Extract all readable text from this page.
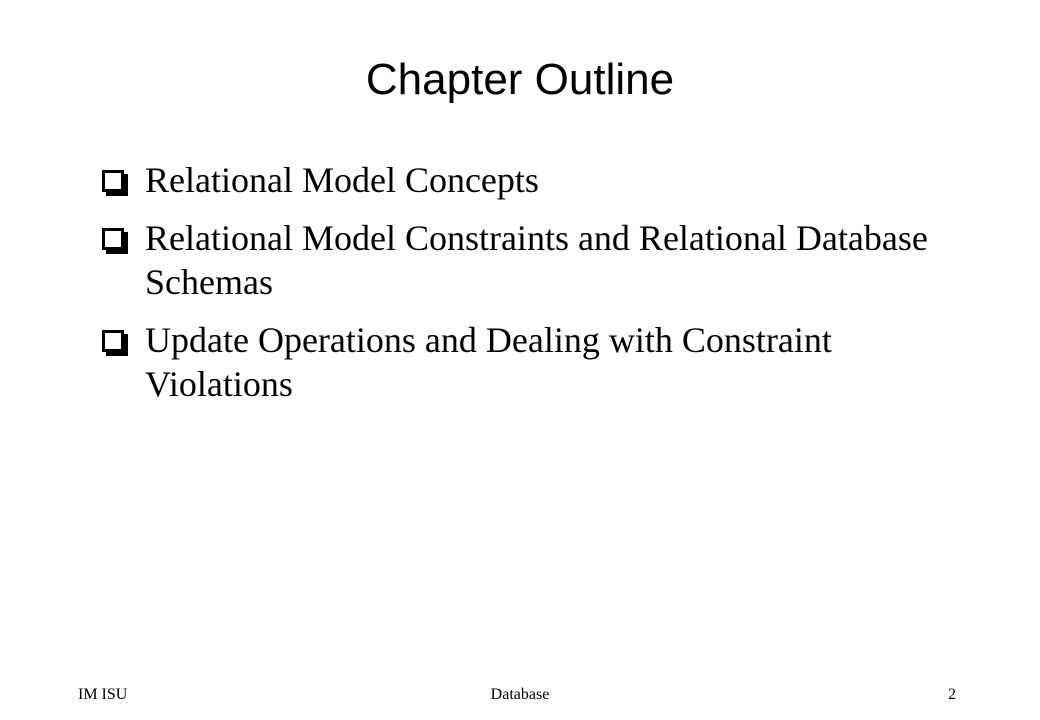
Chapter Outline
Relational Model Concepts
Relational Model Constraints and Relational Database Schemas
Update Operations and Dealing with Constraint Violations
IM ISU	Database	2
